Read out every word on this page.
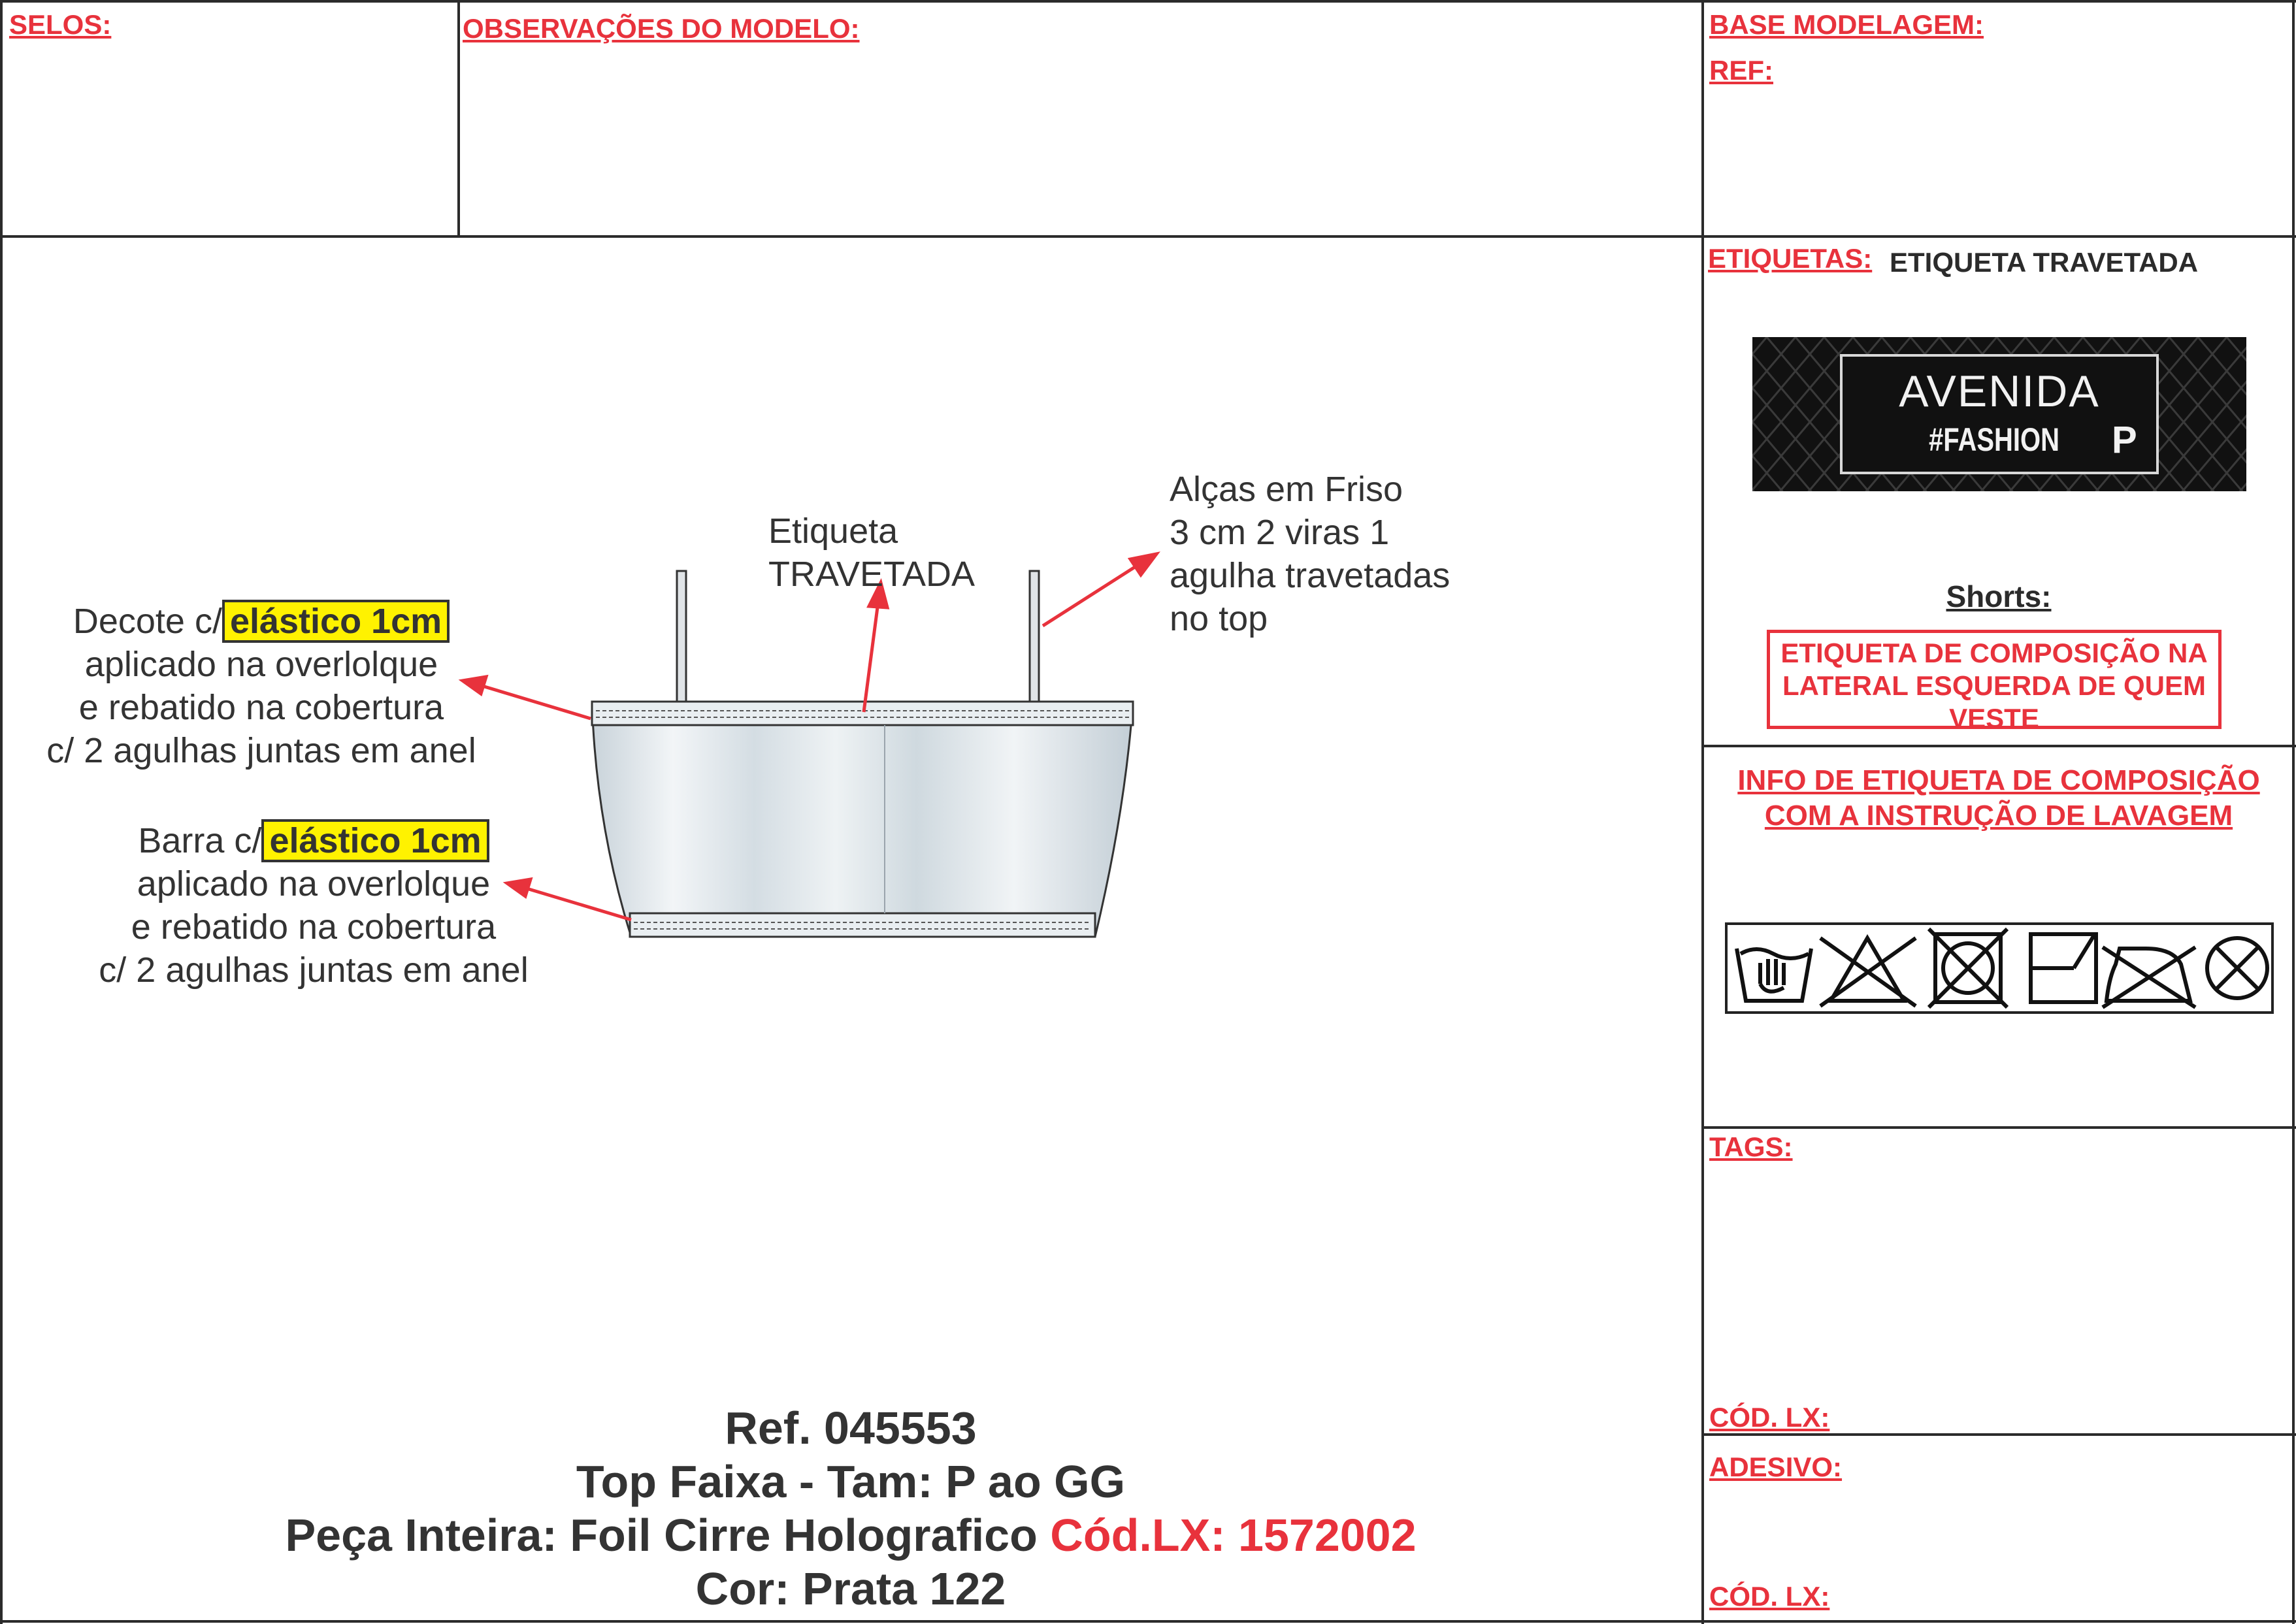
SELOS:	OBSERVAÇÕES DO MODELO:	BASE MODELAGEM:
REF:
ETIQUETAS: ETIQUETA TRAVETADA
AVENIDA
#FASHION P
Shorts:
ETIQUETA DE COMPOSIÇÃO NA
LATERAL ESQUERDA DE QUEM
VESTE
INFO DE ETIQUETA DE COMPOSIÇÃO
COM A INSTRUÇÃO DE LAVAGEM
TAGS:
CÓD. LX:
ADESIVO:
CÓD. LX:
Etiqueta
TRAVETADA
Alças em Friso
3 cm 2 viras 1
agulha travetadas
no top
Decote c/ elástico 1cm
aplicado na overlolque
e rebatido na cobertura
c/ 2 agulhas juntas em anel
Barra c/ elástico 1cm
aplicado na overlolque
e rebatido na cobertura
c/ 2 agulhas juntas em anel
Ref. 045553
Top Faixa - Tam: P ao GG
Peça Inteira: Foil Cirre Holografico Cód.LX: 1572002
Cor: Prata 122
